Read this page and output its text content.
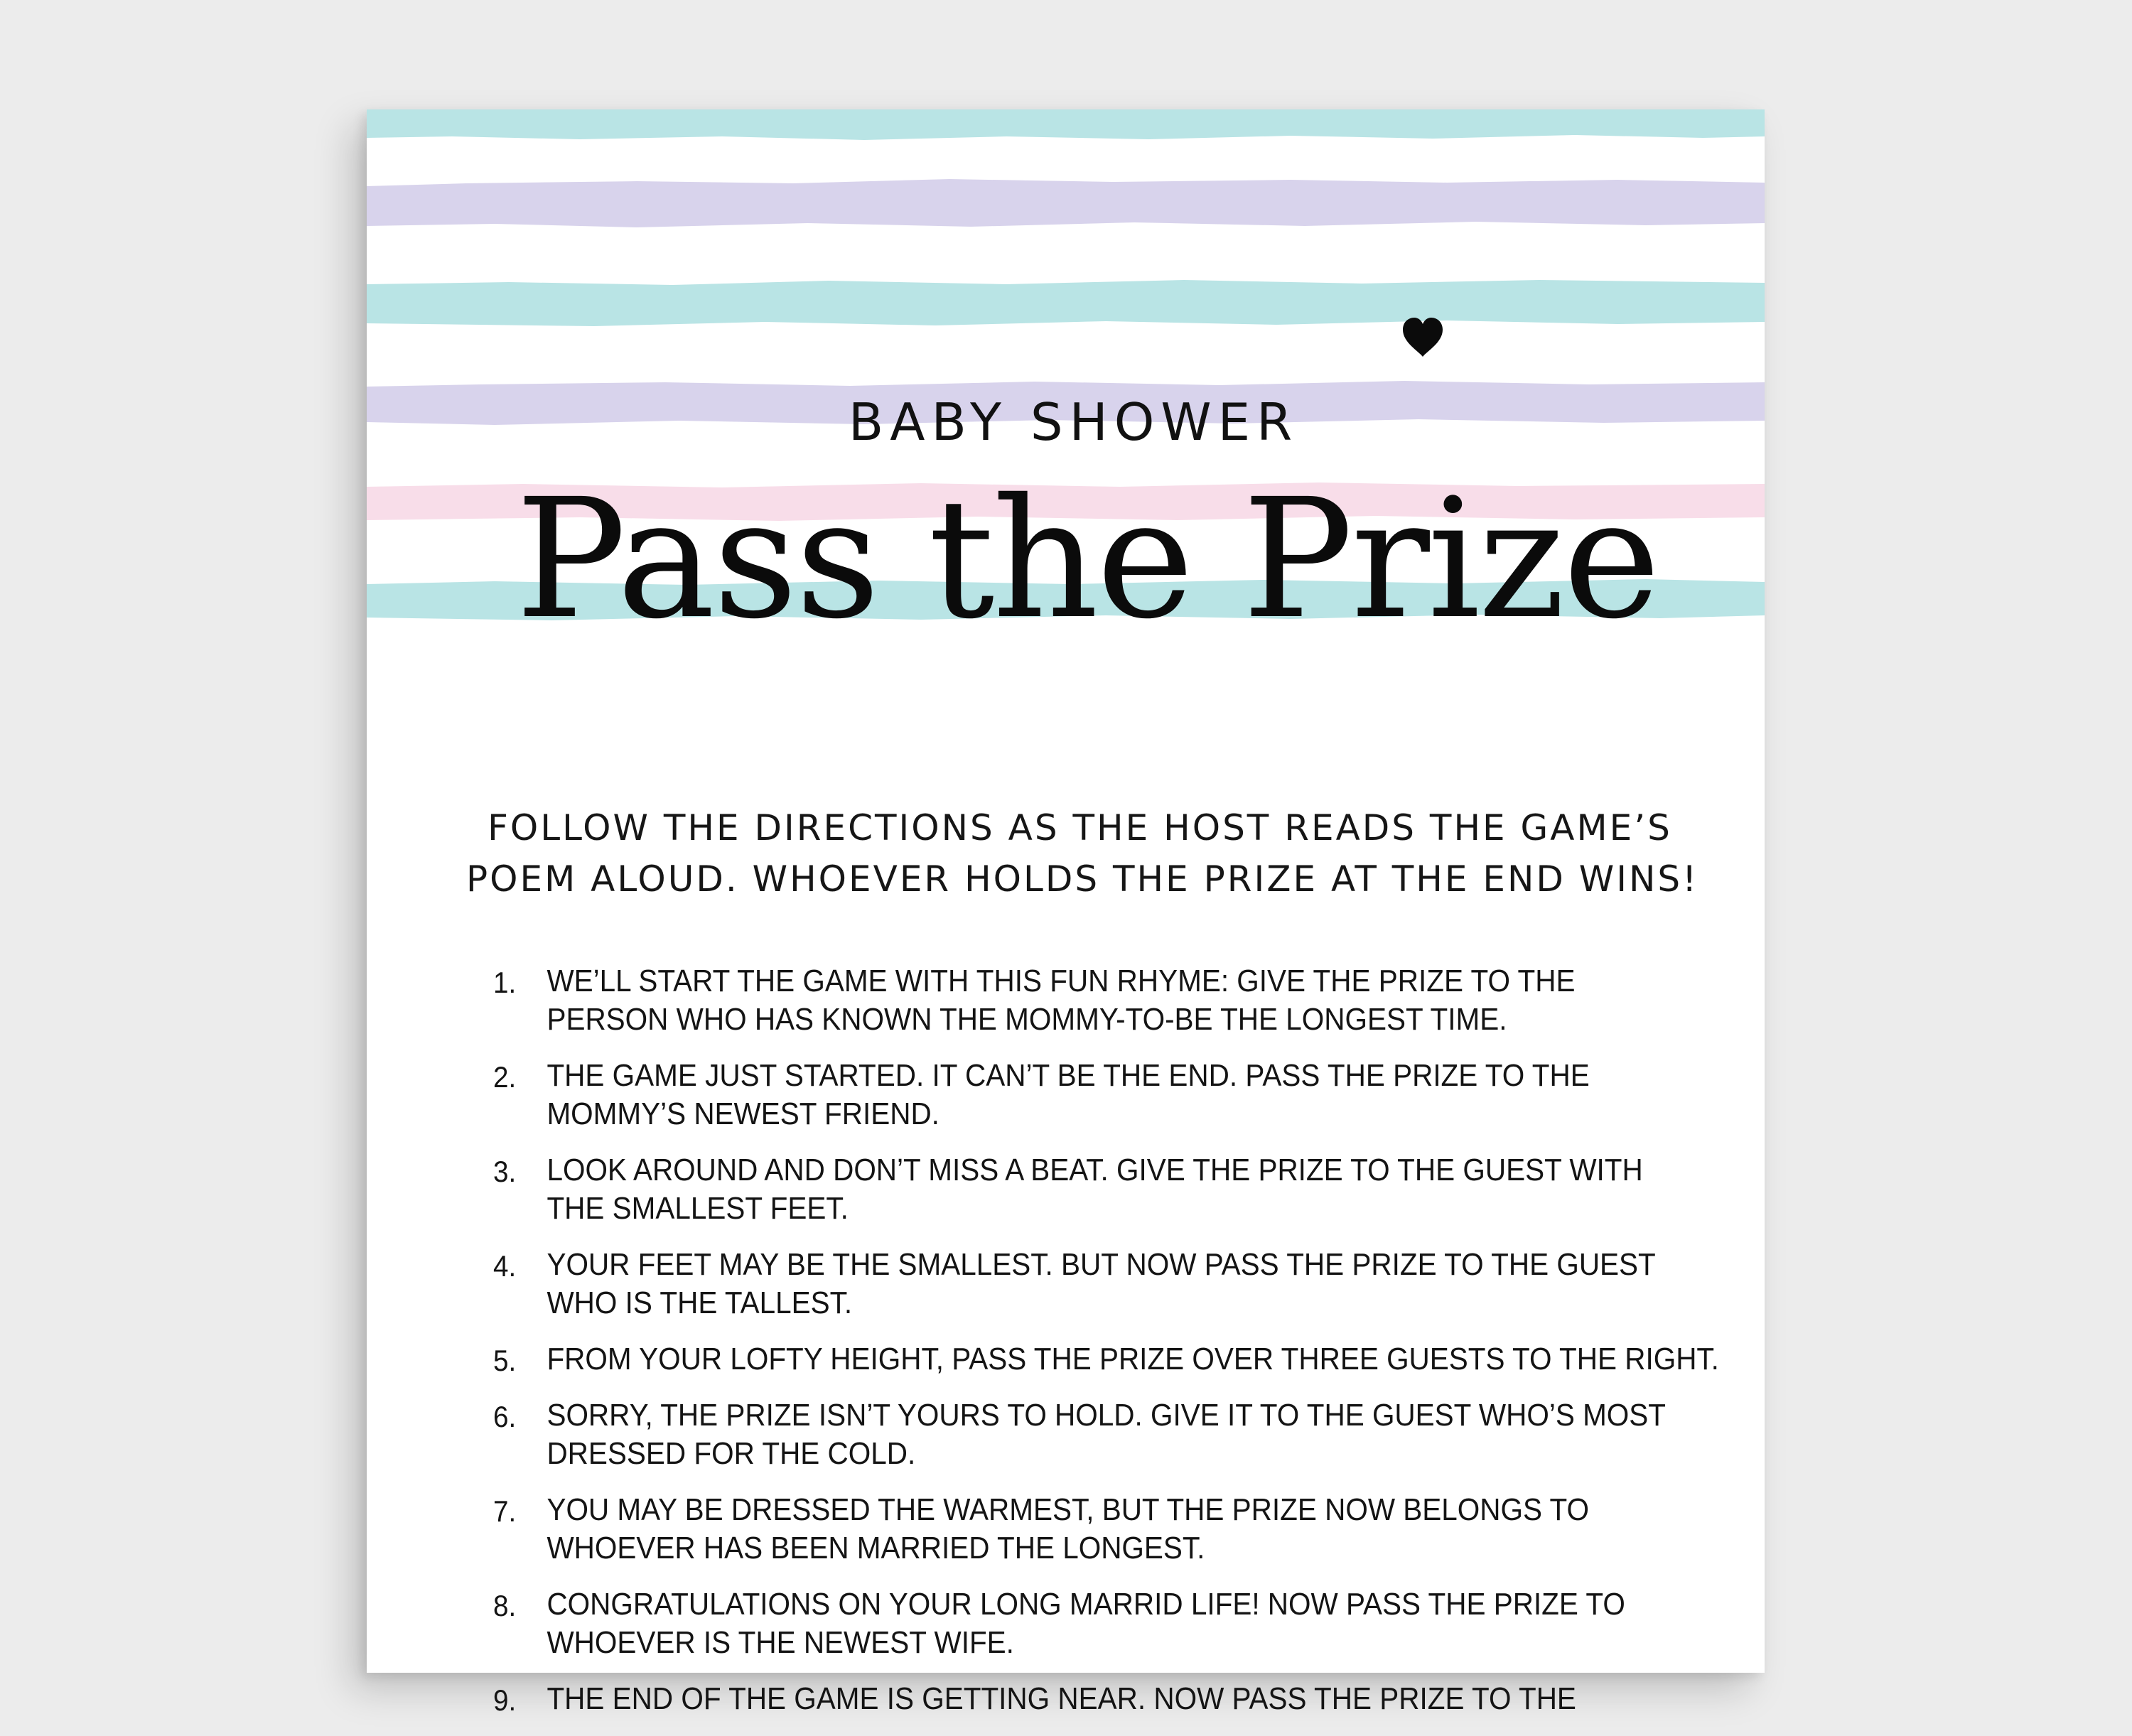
BABY SHOWER
Pass the Prize
FOLLOW THE DIRECTIONS AS THE HOST READS THE GAME’S
POEM ALOUD. WHOEVER HOLDS THE PRIZE AT THE END WINS!
1. WE’LL START THE GAME WITH THIS FUN RHYME: GIVE THE PRIZE TO THE
PERSON WHO HAS KNOWN THE MOMMY-TO-BE THE LONGEST TIME.
2. THE GAME JUST STARTED. IT CAN’T BE THE END. PASS THE PRIZE TO THE
MOMMY’S NEWEST FRIEND.
3. LOOK AROUND AND DON’T MISS A BEAT. GIVE THE PRIZE TO THE GUEST WITH
THE SMALLEST FEET.
4. YOUR FEET MAY BE THE SMALLEST. BUT NOW PASS THE PRIZE TO THE GUEST
WHO IS THE TALLEST.
5. FROM YOUR LOFTY HEIGHT, PASS THE PRIZE OVER THREE GUESTS TO THE RIGHT.
6. SORRY, THE PRIZE ISN’T YOURS TO HOLD. GIVE IT TO THE GUEST WHO’S MOST
DRESSED FOR THE COLD.
7. YOU MAY BE DRESSED THE WARMEST, BUT THE PRIZE NOW BELONGS TO
WHOEVER HAS BEEN MARRIED THE LONGEST.
8. CONGRATULATIONS ON YOUR LONG MARRID LIFE! NOW PASS THE PRIZE TO
WHOEVER IS THE NEWEST WIFE.
9. THE END OF THE GAME IS GETTING NEAR. NOW PASS THE PRIZE TO THE
